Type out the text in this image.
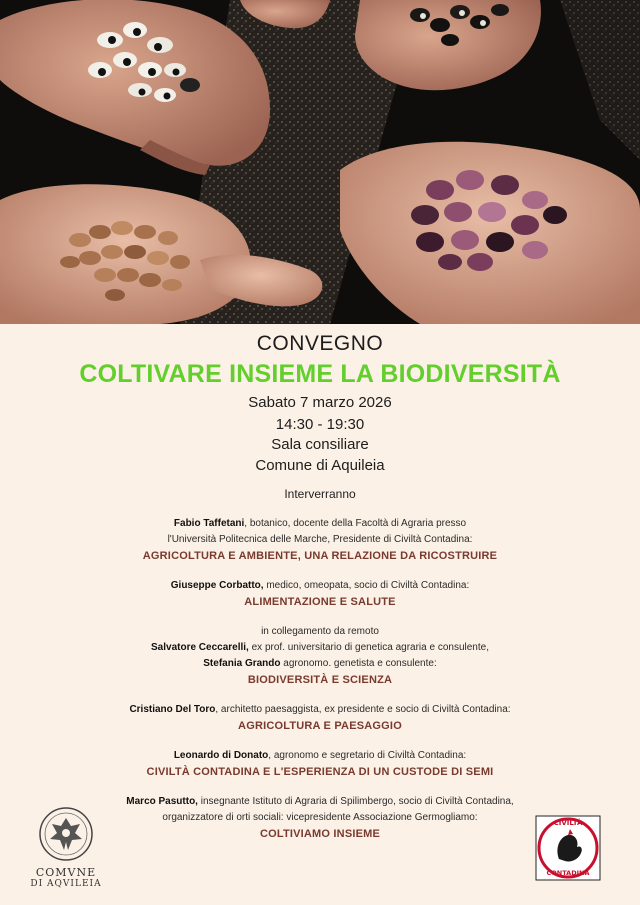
CONVEGNO
COLTIVARE INSIEME LA BIODIVERSITÀ
Sabato 7 marzo 2026
14:30 - 19:30
Sala consiliare
Comune di Aquileia
Interverranno
Fabio Taffetani, botanico, docente della Facoltà di Agraria presso
l'Università Politecnica delle Marche, Presidente di Civiltà Contadina:
AGRICOLTURA E AMBIENTE, UNA RELAZIONE DA RICOSTRUIRE
Giuseppe Corbatto, medico, omeopata, socio di Civiltà Contadina:
ALIMENTAZIONE E SALUTE
in collegamento da remoto
Salvatore Ceccarelli, ex prof. universitario di genetica agraria e consulente,
Stefania Grando agronomo. genetista e consulente:
BIODIVERSITÀ E SCIENZA
Cristiano Del Toro, architetto paesaggista, ex presidente e socio di Civiltà Contadina:
AGRICOLTURA E PAESAGGIO
Leonardo di Donato, agronomo e segretario di Civiltà Contadina:
CIVILTÀ CONTADINA E L'ESPERIENZA DI UN CUSTODE DI SEMI
Marco Pasutto, insegnante Istituto di Agraria di Spilimbergo, socio di Civiltà Contadina,
organizzatore di orti sociali: vicepresidente Associazione Germogliamo:
COLTIVIAMO INSIEME
COMVNE
DI AQVILEIA
CIVILTÀ
CONTADINA
